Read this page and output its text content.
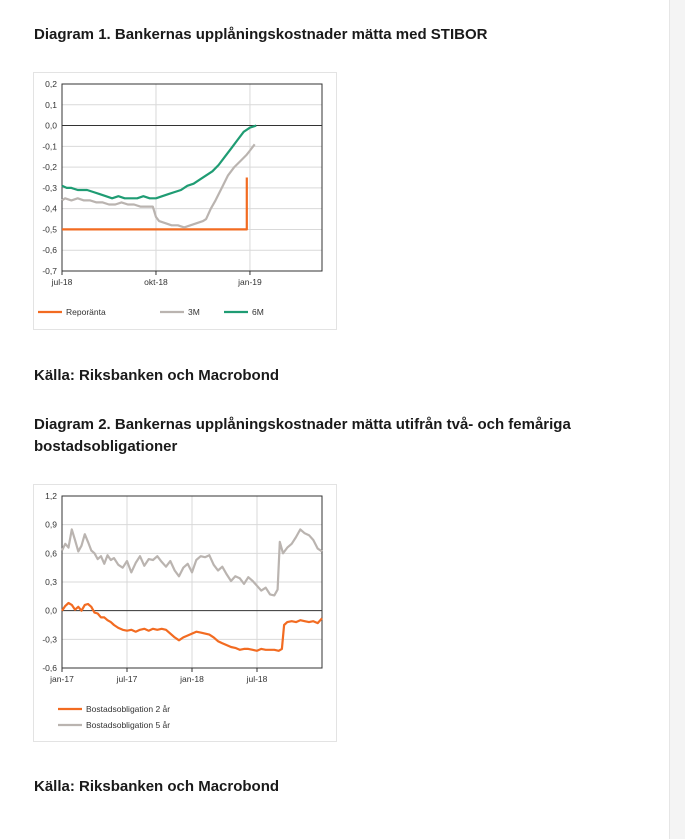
Diagram 1. Bankernas upplåningskostnader mätta med STIBOR
0,2
0,1
0,0
-0,1
-0,2
-0,3
-0,4
-0,5
-0,6
-0,7
jul-18	okt-18	jan-19
Reporänta	3M	6M

Källa: Riksbanken och Macrobond

Diagram 2. Bankernas upplåningskostnader mätta utifrån två- och femåriga bostadsobligationer
1,2
0,9
0,6
0,3
0,0
-0,3
-0,6
jan-17	jul-17	jan-18	jul-18
Bostadsobligation 2 år
Bostadsobligation 5 år

Källa: Riksbanken och Macrobond
